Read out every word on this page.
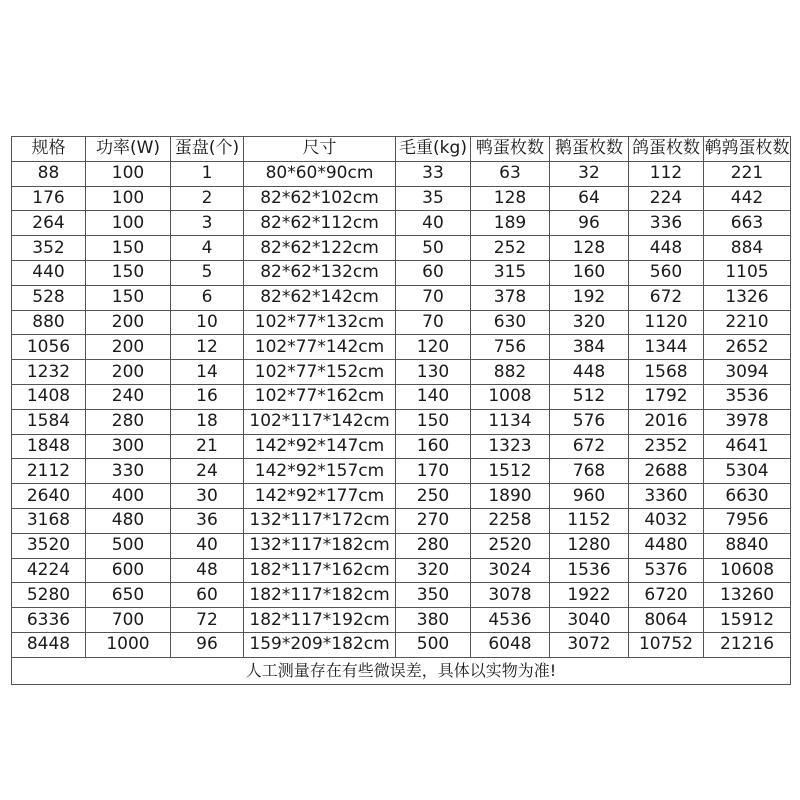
规格	功率(W)	蛋盘(个)	尺寸	毛重(kg)	鸭蛋枚数	鹅蛋枚数	鸽蛋枚数	鹌鹑蛋枚数
88	100	1	80*60*90cm	33	63	32	112	221
176	100	2	82*62*102cm	35	128	64	224	442
264	100	3	82*62*112cm	40	189	96	336	663
352	150	4	82*62*122cm	50	252	128	448	884
440	150	5	82*62*132cm	60	315	160	560	1105
528	150	6	82*62*142cm	70	378	192	672	1326
880	200	10	102*77*132cm	70	630	320	1120	2210
1056	200	12	102*77*142cm	120	756	384	1344	2652
1232	200	14	102*77*152cm	130	882	448	1568	3094
1408	240	16	102*77*162cm	140	1008	512	1792	3536
1584	280	18	102*117*142cm	150	1134	576	2016	3978
1848	300	21	142*92*147cm	160	1323	672	2352	4641
2112	330	24	142*92*157cm	170	1512	768	2688	5304
2640	400	30	142*92*177cm	250	1890	960	3360	6630
3168	480	36	132*117*172cm	270	2258	1152	4032	7956
3520	500	40	132*117*182cm	280	2520	1280	4480	8840
4224	600	48	182*117*162cm	320	3024	1536	5376	10608
5280	650	60	182*117*182cm	350	3078	1922	6720	13260
6336	700	72	182*117*192cm	380	4536	3040	8064	15912
8448	1000	96	159*209*182cm	500	6048	3072	10752	21216
人工测量存在有些微误差，具体以实物为准!								
